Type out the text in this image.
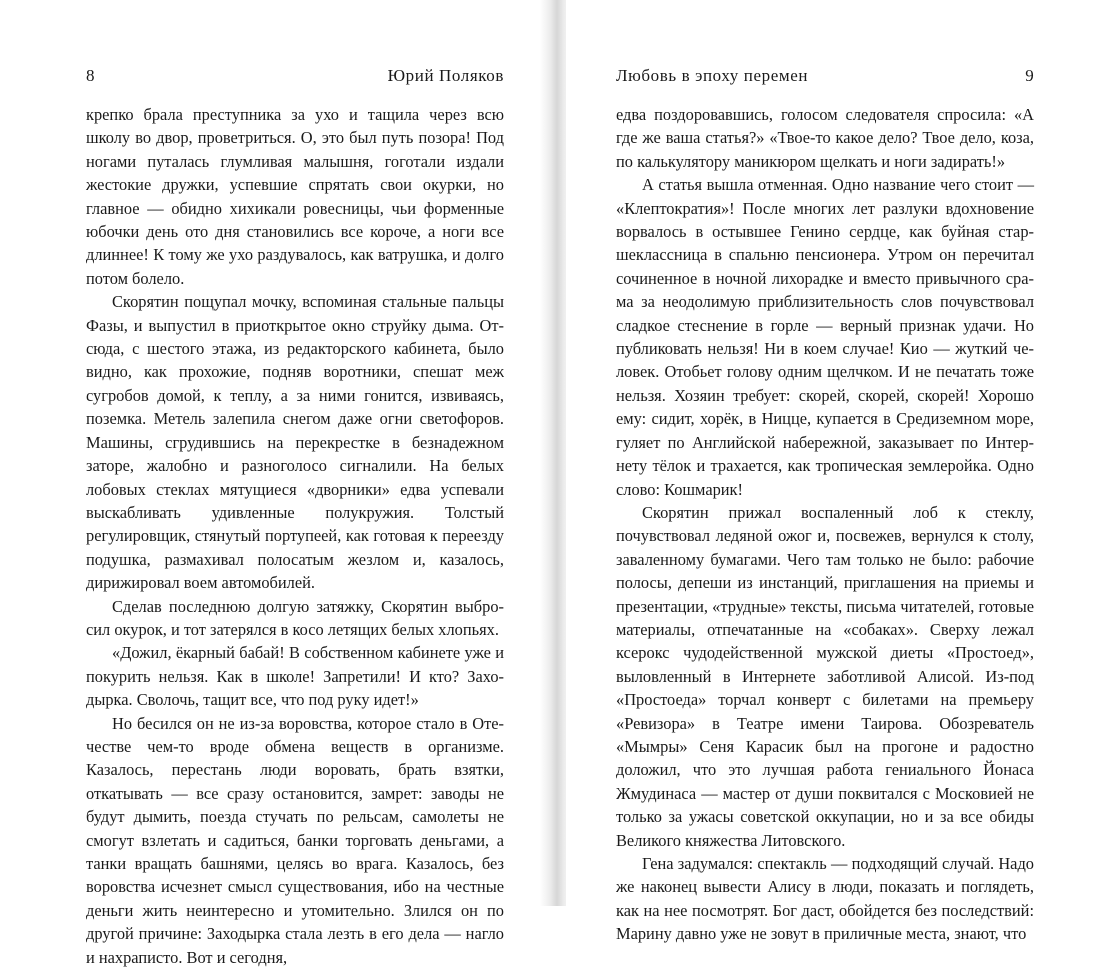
8	Юрий Поляков

крепко брала преступника за ухо и тащила через всю школу во двор, проветриться. О, это был путь позора! Под ногами путалась глумливая малышня, гоготали издали жестокие дружки, успевшие спрятать свои окурки, но главное — обидно хихикали ровесницы, чьи форменные юбочки день ото дня становились все короче, а ноги все длиннее! К тому же ухо раздувалось, как ватрушка, и долго потом болело.

Скорятин пощупал мочку, вспоминая стальные пальцы Фазы, и выпустил в приоткрытое окно струйку дыма. Отсюда, с шестого этажа, из редакторского кабинета, было видно, как прохожие, подняв воротники, спешат меж сугробов домой, к теплу, а за ними гонится, извиваясь, поземка. Метель залепила снегом даже огни светофоров. Машины, сгрудившись на перекрестке в безнадежном заторе, жалобно и разноголосо сигналили. На белых лобовых стеклах мятущиеся «дворники» едва успевали выскабливать удивленные полукружия. Толстый регулировщик, стянутый портупеей, как готовая к переезду подушка, размахивал полосатым жезлом и, казалось, дирижировал воем автомобилей.

Сделав последнюю долгую затяжку, Скорятин выбросил окурок, и тот затерялся в косо летящих белых хлопьях.

«Дожил, ёкарный бабай! В собственном кабинете уже и покурить нельзя. Как в школе! Запретили! И кто? Заходырка. Сволочь, тащит все, что под руку идет!»

Но бесился он не из-за воровства, которое стало в Отечестве чем-то вроде обмена веществ в организме. Казалось, перестань люди воровать, брать взятки, откатывать — все сразу остановится, замрет: заводы не будут дымить, поезда стучать по рельсам, самолеты не смогут взлетать и садиться, банки торговать деньгами, а танки вращать башнями, целясь во врага. Казалось, без воровства исчезнет смысл существования, ибо на честные деньги жить неинтересно и утомительно. Злился он по другой причине: Заходырка стала лезть в его дела — нагло и нахраписто. Вот и сегодня,

Любовь в эпоху перемен	9

едва поздоровавшись, голосом следователя спросила: «А где же ваша статья?» «Твое-то какое дело? Твое дело, коза, по калькулятору маникюром щелкать и ноги задирать!»

А статья вышла отменная. Одно название чего стоит — «Клептократия»! После многих лет разлуки вдохновение ворвалось в остывшее Генино сердце, как буйная старшеклассница в спальню пенсионера. Утром он перечитал сочиненное в ночной лихорадке и вместо привычного срама за неодолимую приблизительность слов почувствовал сладкое стеснение в горле — верный признак удачи. Но публиковать нельзя! Ни в коем случае! Кио — жуткий человек. Отобьет голову одним щелчком. И не печатать тоже нельзя. Хозяин требует: скорей, скорей, скорей! Хорошо ему: сидит, хорёк, в Ницце, купается в Средиземном море, гуляет по Английской набережной, заказывает по Интернету тёлок и трахается, как тропическая землеройка. Одно слово: Кошмарик!

Скорятин прижал воспаленный лоб к стеклу, почувствовал ледяной ожог и, посвежев, вернулся к столу, заваленному бумагами. Чего там только не было: рабочие полосы, депеши из инстанций, приглашения на приемы и презентации, «трудные» тексты, письма читателей, готовые материалы, отпечатанные на «собаках». Сверху лежал ксерокс чудодейственной мужской диеты «Простоед», выловленный в Интернете заботливой Алисой. Из-под «Простоеда» торчал конверт с билетами на премьеру «Ревизора» в Театре имени Таирова. Обозреватель «Мымры» Сеня Карасик был на прогоне и радостно доложил, что это лучшая работа гениального Йонаса Жмудинаса — мастер от души поквитался с Московией не только за ужасы советской оккупации, но и за все обиды Великого княжества Литовского.

Гена задумался: спектакль — подходящий случай. Надо же наконец вывести Алису в люди, показать и поглядеть, как на нее посмотрят. Бог даст, обойдется без последствий: Марину давно уже не зовут в приличные места, знают, что
